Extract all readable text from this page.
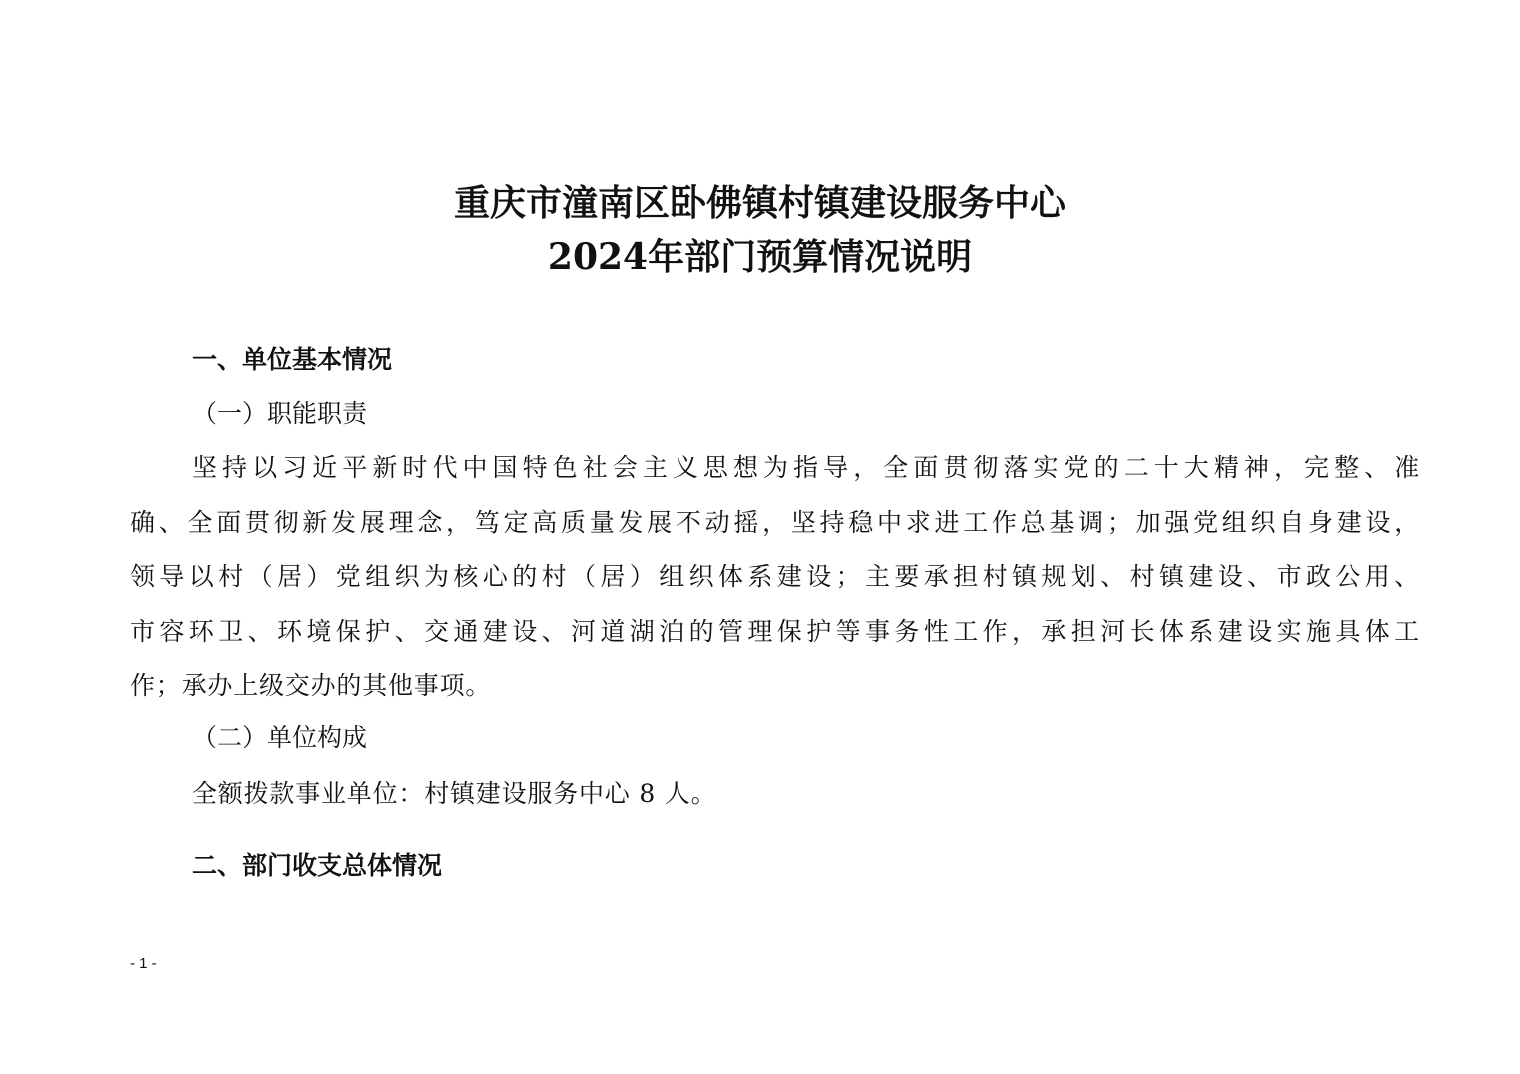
重庆市潼南区卧佛镇村镇建设服务中心
2024年部门预算情况说明
一、单位基本情况
（一）职能职责
坚持以习近平新时代中国特色社会主义思想为指导，全面贯彻落实党的二十大精神，完整、准
确、全面贯彻新发展理念，笃定高质量发展不动摇，坚持稳中求进工作总基调；加强党组织自身建设，
领导以村（居）党组织为核心的村（居）组织体系建设；主要承担村镇规划、村镇建设、市政公用、
市容环卫、环境保护、交通建设、河道湖泊的管理保护等事务性工作，承担河长体系建设实施具体工
作；承办上级交办的其他事项。
（二）单位构成
全额拨款事业单位：村镇建设服务中心 8 人。
二、部门收支总体情况
- 1 -
